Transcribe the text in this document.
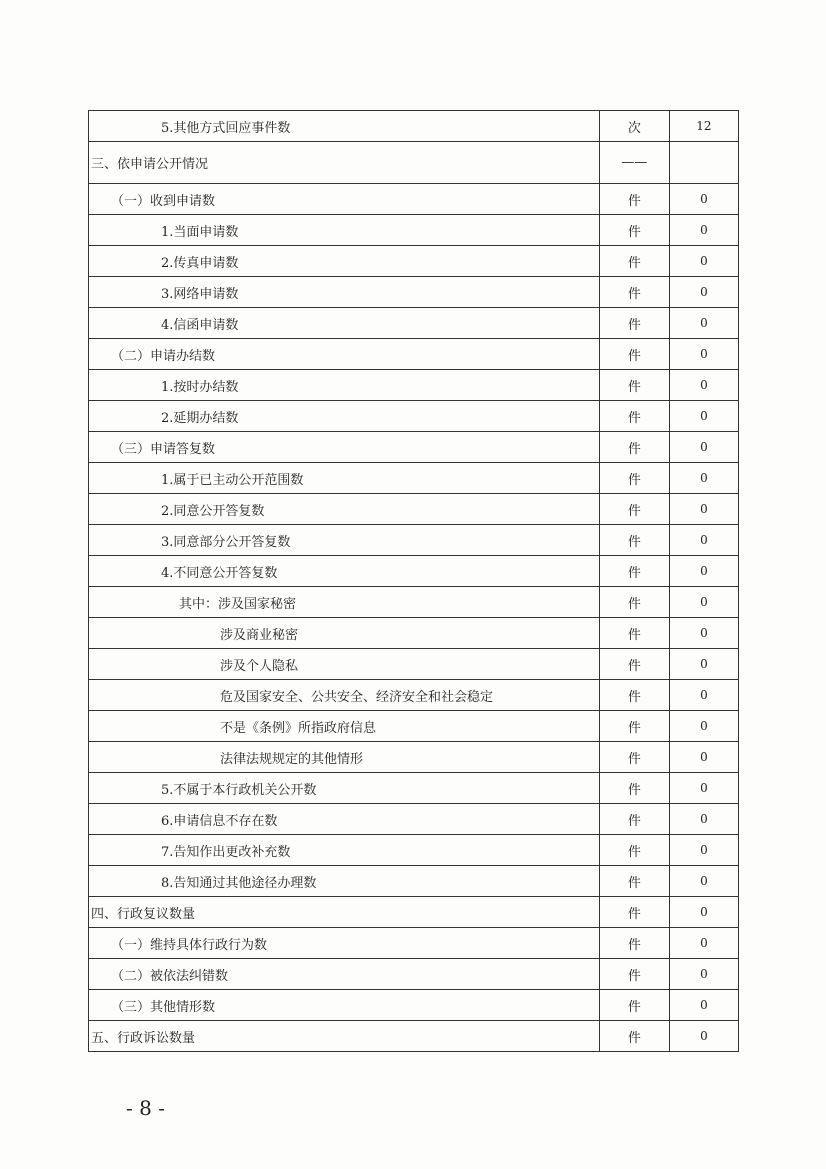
5.其他方式回应事件数	次	12
三、依申请公开情况	——	
（一）收到申请数	件	0
1.当面申请数	件	0
2.传真申请数	件	0
3.网络申请数	件	0
4.信函申请数	件	0
（二）申请办结数	件	0
1.按时办结数	件	0
2.延期办结数	件	0
（三）申请答复数	件	0
1.属于已主动公开范围数	件	0
2.同意公开答复数	件	0
3.同意部分公开答复数	件	0
4.不同意公开答复数	件	0
其中：涉及国家秘密	件	0
涉及商业秘密	件	0
涉及个人隐私	件	0
危及国家安全、公共安全、经济安全和社会稳定	件	0
不是《条例》所指政府信息	件	0
法律法规规定的其他情形	件	0
5.不属于本行政机关公开数	件	0
6.申请信息不存在数	件	0
7.告知作出更改补充数	件	0
8.告知通过其他途径办理数	件	0
四、行政复议数量	件	0
（一）维持具体行政行为数	件	0
（二）被依法纠错数	件	0
（三）其他情形数	件	0
五、行政诉讼数量	件	0
- 8 -
